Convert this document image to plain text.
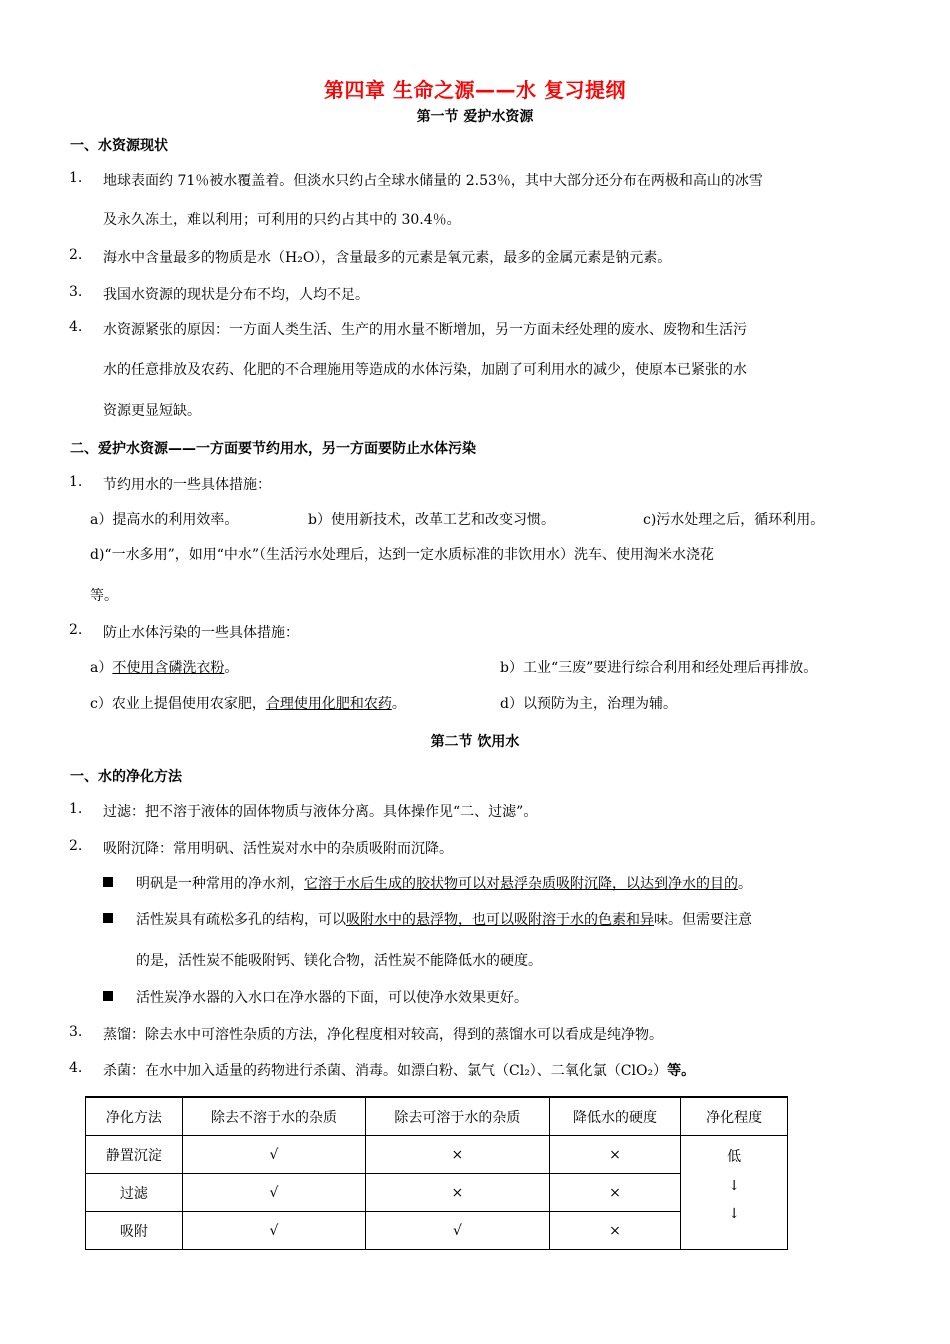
第四章 生命之源——水 复习提纲
第一节 爱护水资源
一、水资源现状
1. 地球表面约 71％被水覆盖着。但淡水只约占全球水储量的 2.53％，其中大部分还分布在两极和高山的冰雪
及永久冻土，难以利用；可利用的只约占其中的 30.4％。
2. 海水中含量最多的物质是水（H₂O），含量最多的元素是氧元素，最多的金属元素是钠元素。
3. 我国水资源的现状是分布不均，人均不足。
4. 水资源紧张的原因：一方面人类生活、生产的用水量不断增加，另一方面未经处理的废水、废物和生活污
水的任意排放及农药、化肥的不合理施用等造成的水体污染，加剧了可利用水的减少，使原本已紧张的水
资源更显短缺。
二、爱护水资源——一方面要节约用水，另一方面要防止水体污染
1. 节约用水的一些具体措施：
a）提高水的利用效率。	b）使用新技术，改革工艺和改变习惯。	c)污水处理之后，循环利用。
d)“一水多用”，如用“中水”（生活污水处理后，达到一定水质标准的非饮用水）洗车、使用淘米水浇花
等。
2. 防止水体污染的一些具体措施：
a）不使用含磷洗衣粉。	b）工业“三废”要进行综合利用和经处理后再排放。
c）农业上提倡使用农家肥，合理使用化肥和农药。	d）以预防为主，治理为辅。
第二节 饮用水
一、水的净化方法
1. 过滤：把不溶于液体的固体物质与液体分离。具体操作见“二、过滤”。
2. 吸附沉降：常用明矾、活性炭对水中的杂质吸附而沉降。
明矾是一种常用的净水剂，它溶于水后生成的胶状物可以对悬浮杂质吸附沉降，以达到净水的目的。
活性炭具有疏松多孔的结构，可以吸附水中的悬浮物，也可以吸附溶于水的色素和异味。但需要注意
的是，活性炭不能吸附钙、镁化合物，活性炭不能降低水的硬度。
活性炭净水器的入水口在净水器的下面，可以使净水效果更好。
3. 蒸馏：除去水中可溶性杂质的方法，净化程度相对较高，得到的蒸馏水可以看成是纯净物。
4. 杀菌：在水中加入适量的药物进行杀菌、消毒。如漂白粉、氯气（Cl₂）、二氧化氯（ClO₂）等。
净化方法	除去不溶于水的杂质	除去可溶于水的杂质	降低水的硬度	净化程度
静置沉淀	√	×	×	低
↓
↓

过滤	√	×	×	
吸附	√	√	×	
